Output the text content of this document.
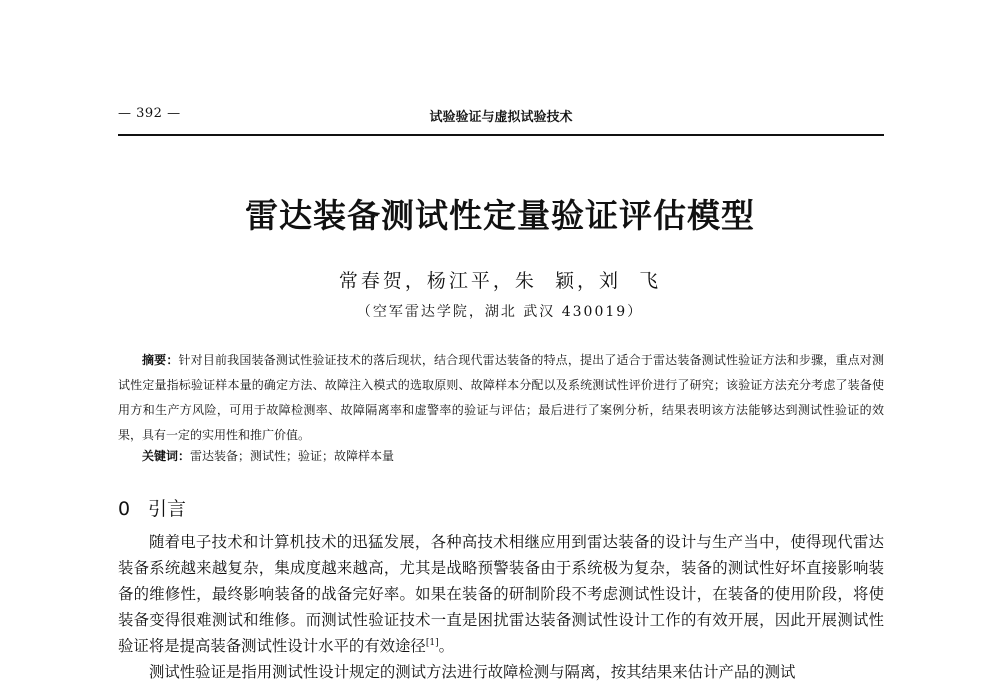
— 392 —	试验验证与虚拟试验技术
雷达装备测试性定量验证评估模型
常春贺，杨江平，朱  颖，刘  飞
（空军雷达学院，湖北 武汉 430019）
摘要：针对目前我国装备测试性验证技术的落后现状，结合现代雷达装备的特点，提出了适合于雷达装备测试性验证方法和步骤，重点对测试性定量指标验证样本量的确定方法、故障注入模式的选取原则、故障样本分配以及系统测试性评价进行了研究；该验证方法充分考虑了装备使用方和生产方风险，可用于故障检测率、故障隔离率和虚警率的验证与评估；最后进行了案例分析，结果表明该方法能够达到测试性验证的效果，具有一定的实用性和推广价值。
关键词：雷达装备；测试性；验证；故障样本量
0 引言
随着电子技术和计算机技术的迅猛发展，各种高技术相继应用到雷达装备的设计与生产当中，使得现代雷达装备系统越来越复杂，集成度越来越高，尤其是战略预警装备由于系统极为复杂，装备的测试性好坏直接影响装备的维修性，最终影响装备的战备完好率。如果在装备的研制阶段不考虑测试性设计，在装备的使用阶段，将使装备变得很难测试和维修。而测试性验证技术一直是困扰雷达装备测试性设计工作的有效开展，因此开展测试性验证将是提高装备测试性设计水平的有效途径[1]。
测试性验证是指用测试性设计规定的测试方法进行故障检测与隔离，按其结果来估计产品的测试
